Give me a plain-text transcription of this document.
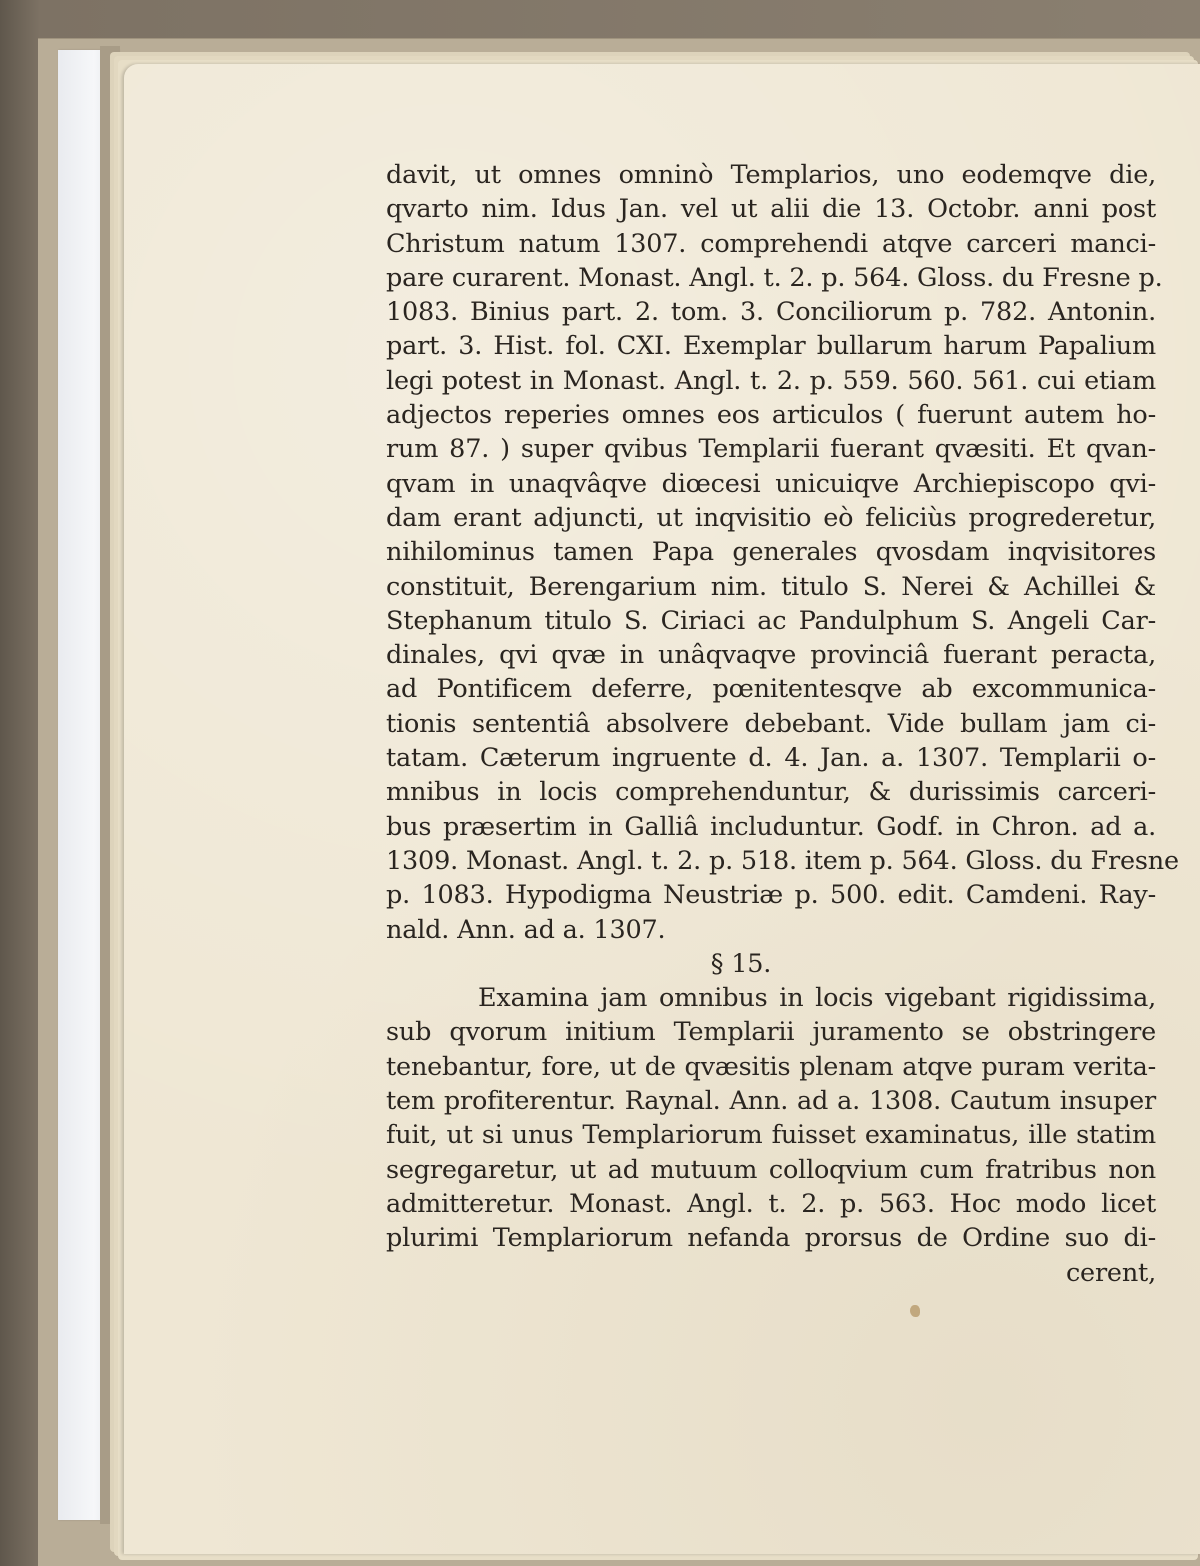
davit, ut omnes omninò Templarios, uno eodemqve die,
qvarto nim. Idus Jan. vel ut alii die 13. Octobr. anni post
Christum natum 1307. comprehendi atqve carceri manci-
pare curarent. Monast. Angl. t. 2. p. 564. Gloss. du Fresne p.
1083. Binius part. 2. tom. 3. Conciliorum p. 782. Antonin.
part. 3. Hist. fol. CXI. Exemplar bullarum harum Papalium
legi potest in Monast. Angl. t. 2. p. 559. 560. 561. cui etiam
adjectos reperies omnes eos articulos ( fuerunt autem ho-
rum 87. ) super qvibus Templarii fuerant qvæsiti. Et qvan-
qvam in unaqvâqve diœcesi unicuiqve Archiepiscopo qvi-
dam erant adjuncti, ut inqvisitio eò feliciùs progrederetur,
nihilominus tamen Papa generales qvosdam inqvisitores
constituit, Berengarium nim. titulo S. Nerei & Achillei &
Stephanum titulo S. Ciriaci ac Pandulphum S. Angeli Car-
dinales, qvi qvæ in unâqvaqve provinciâ fuerant peracta,
ad Pontificem deferre, pœnitentesqve ab excommunica-
tionis sententiâ absolvere debebant. Vide bullam jam ci-
tatam. Cæterum ingruente d. 4. Jan. a. 1307. Templarii o-
mnibus in locis comprehenduntur, & durissimis carceri-
bus præsertim in Galliâ includuntur. Godf. in Chron. ad a.
1309. Monast. Angl. t. 2. p. 518. item p. 564. Gloss. du Fresne
p. 1083. Hypodigma Neustriæ p. 500. edit. Camdeni. Ray-
nald. Ann. ad a. 1307.
§ 15.
Examina jam omnibus in locis vigebant rigidissima,
sub qvorum initium Templarii juramento se obstringere
tenebantur, fore, ut de qvæsitis plenam atqve puram verita-
tem profiterentur. Raynal. Ann. ad a. 1308. Cautum insuper
fuit, ut si unus Templariorum fuisset examinatus, ille statim
segregaretur, ut ad mutuum colloqvium cum fratribus non
admitteretur. Monast. Angl. t. 2. p. 563. Hoc modo licet
plurimi Templariorum nefanda prorsus de Ordine suo di-
cerent,
